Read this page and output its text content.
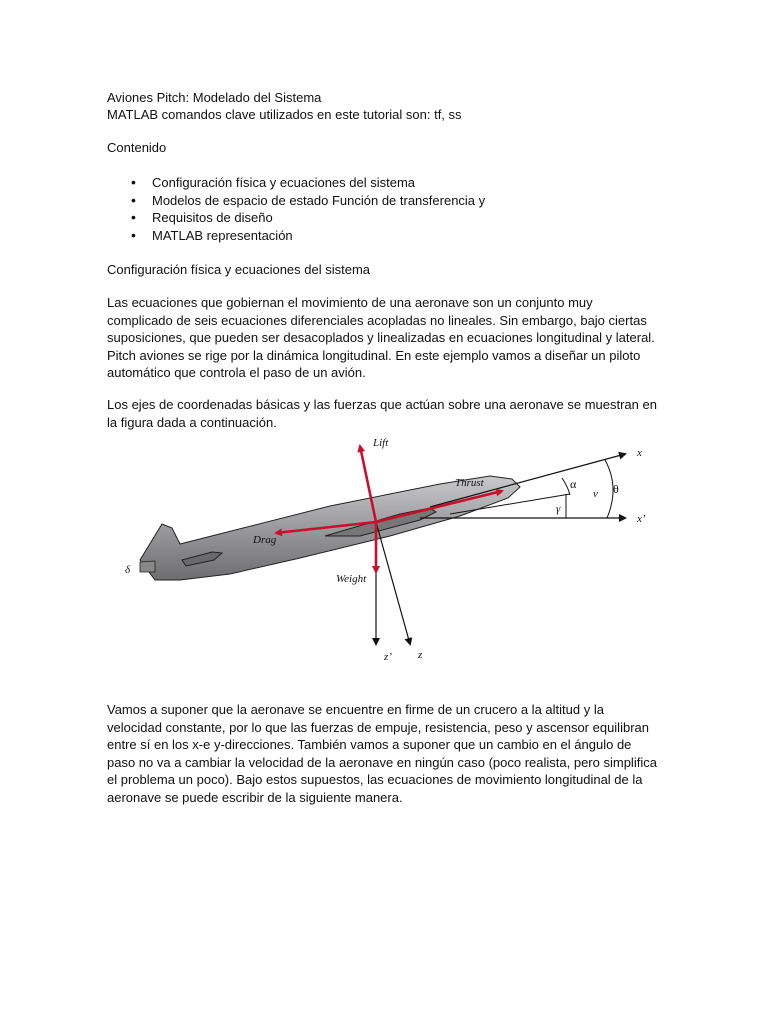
Aviones Pitch: Modelado del Sistema
MATLAB comandos clave utilizados en este tutorial son: tf, ss
Contenido
• Configuración física y ecuaciones del sistema
• Modelos de espacio de estado Función de transferencia y
• Requisitos de diseño
• MATLAB representación
Configuración física y ecuaciones del sistema

Las ecuaciones que gobiernan el movimiento de una aeronave son un conjunto muy complicado de seis ecuaciones diferenciales acopladas no lineales. Sin embargo, bajo ciertas suposiciones, que pueden ser desacoplados y linealizadas en ecuaciones longitudinal y lateral. Pitch aviones se rige por la dinámica longitudinal. En este ejemplo vamos a diseñar un piloto automático que controla el paso de un avión.

Los ejes de coordenadas básicas y las fuerzas que actúan sobre una aeronave se muestran en la figura dada a continuación.

Lift
Thrust
Drag
Weight
x
x’
z’ z
α
v θ
γ
δ

Vamos a suponer que la aeronave se encuentre en firme de un crucero a la altitud y la velocidad constante, por lo que las fuerzas de empuje, resistencia, peso y ascensor equilibran entre sí en los x-e y-direcciones. También vamos a suponer que un cambio en el ángulo de paso no va a cambiar la velocidad de la aeronave en ningún caso (poco realista, pero simplifica el problema un poco). Bajo estos supuestos, las ecuaciones de movimiento longitudinal de la aeronave se puede escribir de la siguiente manera.
